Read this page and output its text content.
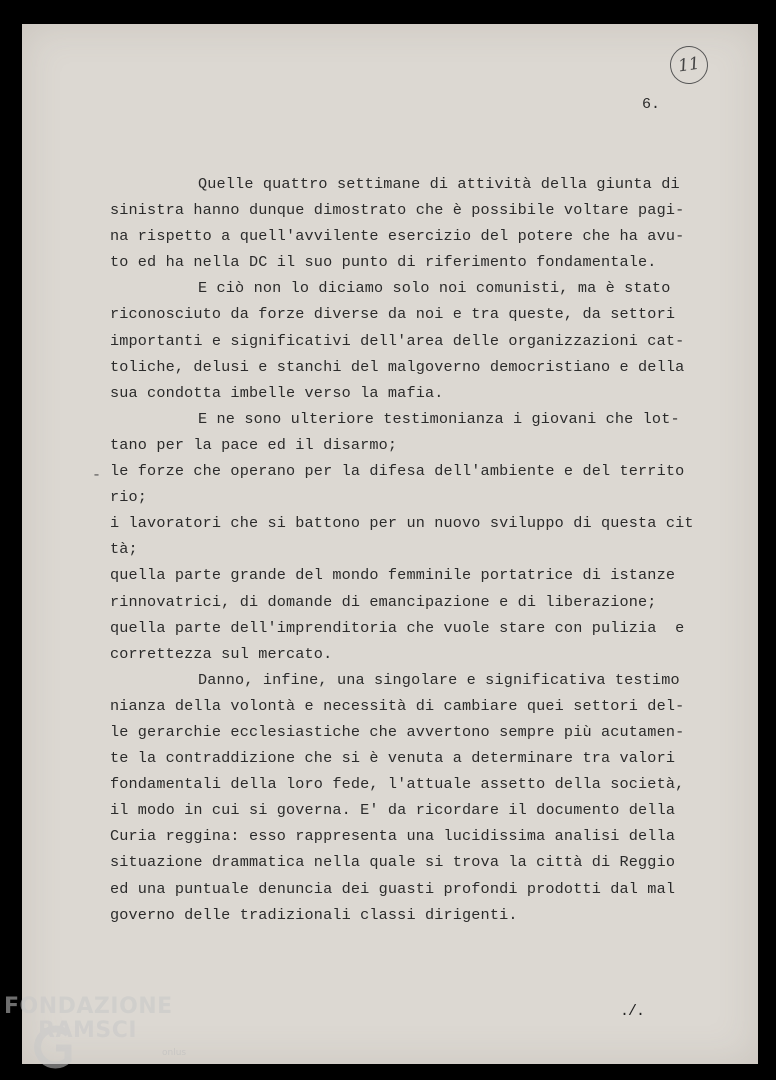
11
6.
-
Quelle quattro settimane di attività della giunta di
sinistra hanno dunque dimostrato che è possibile voltare pagi-
na rispetto a quell'avvilente esercizio del potere che ha avu-
to ed ha nella DC il suo punto di riferimento fondamentale.
E ciò non lo diciamo solo noi comunisti, ma è stato
riconosciuto da forze diverse da noi e tra queste, da settori
importanti e significativi dell'area delle organizzazioni cat-
toliche, delusi e stanchi del malgoverno democristiano e della
sua condotta imbelle verso la mafia.
E ne sono ulteriore testimonianza i giovani che lot-
tano per la pace ed il disarmo;
le forze che operano per la difesa dell'ambiente e del territo
rio;
i lavoratori che si battono per un nuovo sviluppo di questa cit
tà;
quella parte grande del mondo femminile portatrice di istanze
rinnovatrici, di domande di emancipazione e di liberazione;
quella parte dell'imprenditoria che vuole stare con pulizia  e
correttezza sul mercato.
Danno, infine, una singolare e significativa testimo
nianza della volontà e necessità di cambiare quei settori del-
le gerarchie ecclesiastiche che avvertono sempre più acutamen-
te la contraddizione che si è venuta a determinare tra valori
fondamentali della loro fede, l'attuale assetto della società,
il modo in cui si governa. E' da ricordare il documento della
Curia reggina: esso rappresenta una lucidissima analisi della
situazione drammatica nella quale si trova la città di Reggio
ed una puntuale denuncia dei guasti profondi prodotti dal mal
governo delle tradizionali classi dirigenti.
./.
FONDAZIONE
RAMSCI
onlus
